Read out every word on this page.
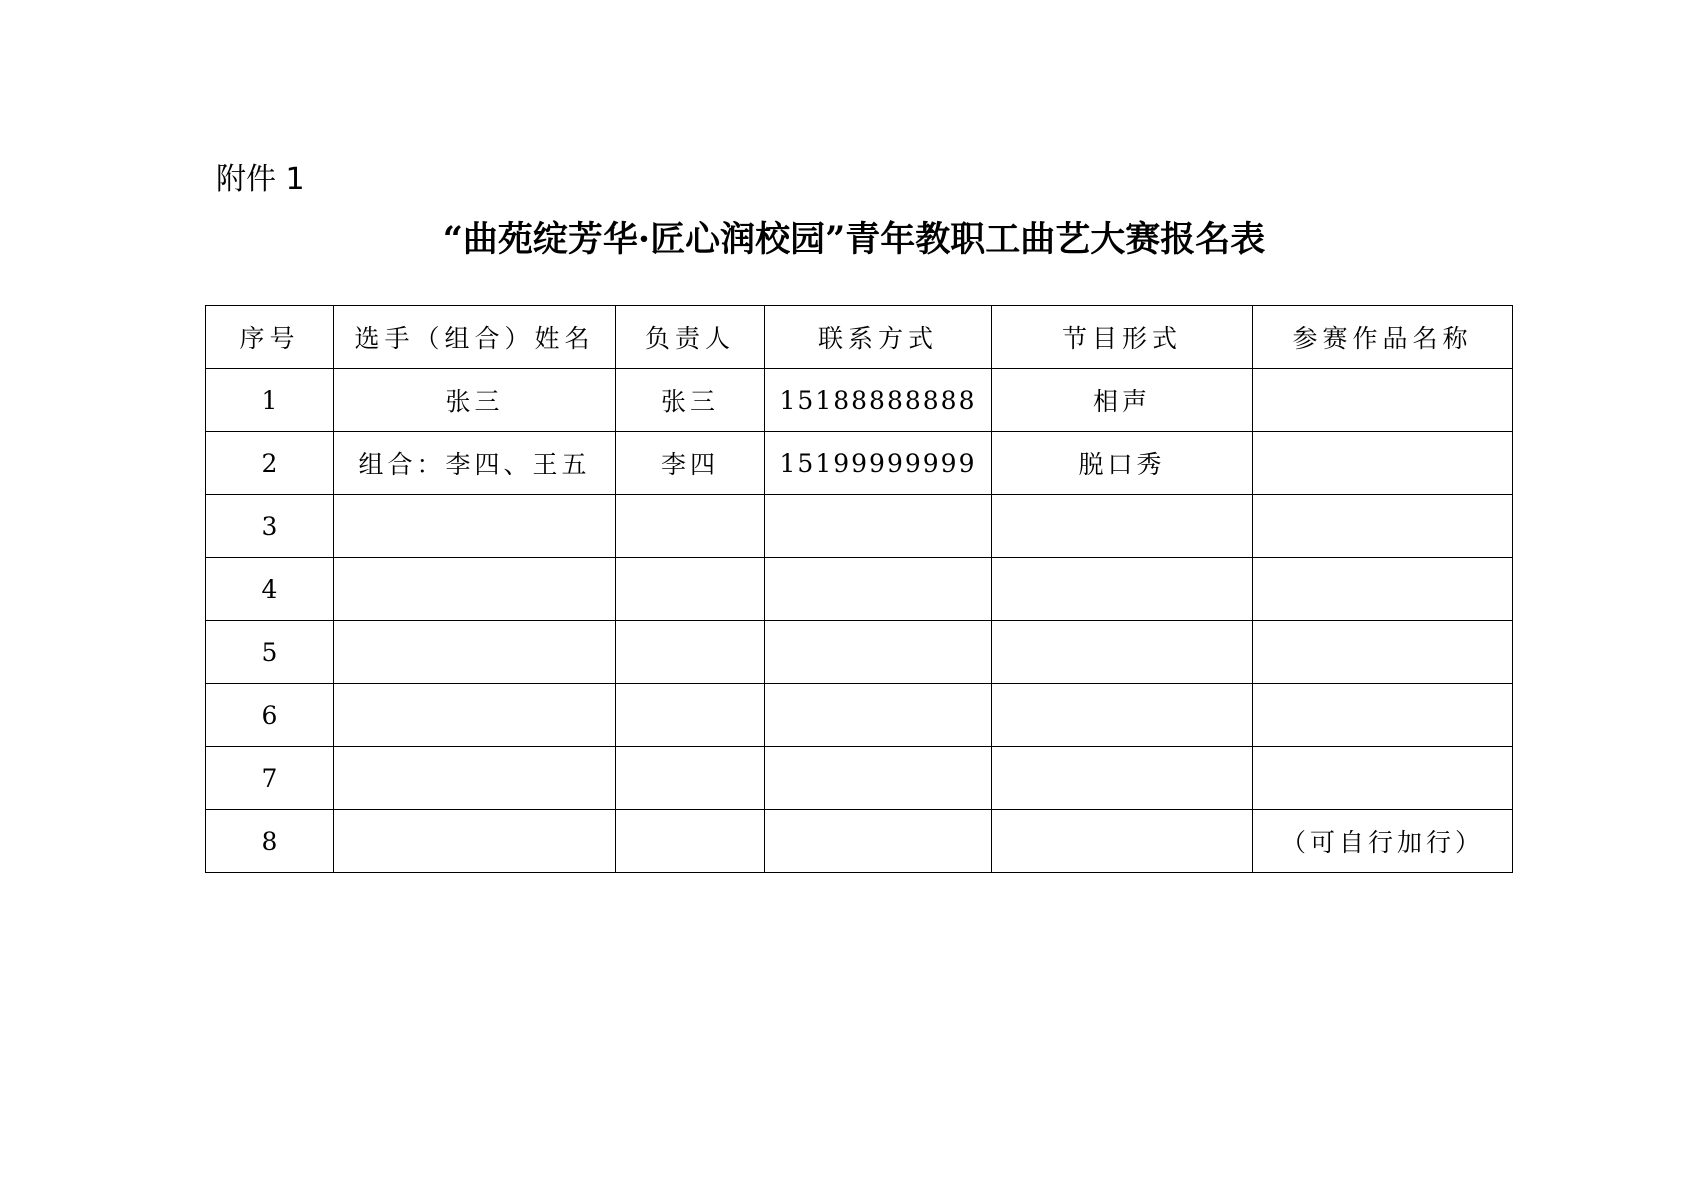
附件 1
“曲苑绽芳华·匠心润校园”青年教职工曲艺大赛报名表
序号	选手（组合）姓名	负责人	联系方式	节目形式	参赛作品名称
1	张三	张三	15188888888	相声	
2	组合：李四、王五	李四	15199999999	脱口秀	
3					
4					
5					
6					
7					
8					（可自行加行）
